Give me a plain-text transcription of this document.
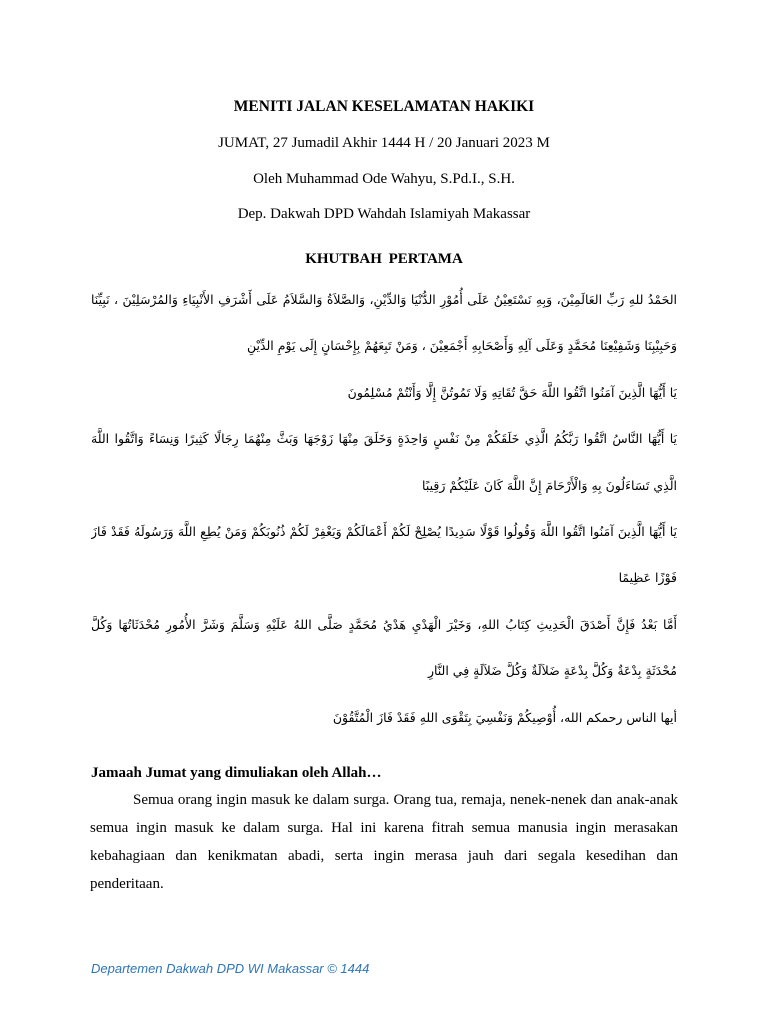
MENITI JALAN KESELAMATAN HAKIKI
JUMAT, 27 Jumadil Akhir 1444 H / 20 Januari 2023 M
Oleh Muhammad Ode Wahyu, S.Pd.I., S.H.
Dep. Dakwah DPD Wahdah Islamiyah Makassar
KHUTBAH PERTAMA
الحَمْدُ للهِ رَبِّ العَالَمِيْنَ، وَبِهِ نَسْتَعِيْنُ عَلَى أُمُوْرِ الدُّنْيَا وَالدِّيْنِ، وَالصَّلاَةُ وَالسَّلاَمُ عَلَى أَشْرَفِ الأَنْبِيَاءِ وَالمُرْسَلِيْنَ ، نَبِيِّنَا
وَحَبِيْبِنَا وَشَفِيْعِنَا مُحَمَّدٍ وَعَلَى آلِهِ وَأَصْحَابِهِ أَجْمَعِيْنَ ، وَمَنْ تَبِعَهُمْ بِإِحْسَانٍ إِلَى يَوْمِ الدِّيْنِ
يَا أَيُّهَا الَّذِينَ آمَنُوا اتَّقُوا اللَّهَ حَقَّ تُقَاتِهِ وَلَا تَمُوتُنَّ إِلَّا وَأَنْتُمْ مُسْلِمُونَ
يَا أَيُّهَا النَّاسُ اتَّقُوا رَبَّكُمُ الَّذِي خَلَقَكُمْ مِنْ نَفْسٍ وَاحِدَةٍ وَخَلَقَ مِنْهَا زَوْجَهَا وَبَثَّ مِنْهُمَا رِجَالًا كَثِيرًا وَنِسَاءً وَاتَّقُوا اللَّهَ
الَّذِي تَسَاءَلُونَ بِهِ وَالْأَرْحَامَ إِنَّ اللَّهَ كَانَ عَلَيْكُمْ رَقِيبًا
يَا أَيُّهَا الَّذِينَ آمَنُوا اتَّقُوا اللَّهَ وَقُولُوا قَوْلًا سَدِيدًا يُصْلِحْ لَكُمْ أَعْمَالَكُمْ وَيَغْفِرْ لَكُمْ ذُنُوبَكُمْ وَمَنْ يُطِعِ اللَّهَ وَرَسُولَهُ فَقَدْ فَازَ
فَوْزًا عَظِيمًا
أَمَّا بَعْدُ فَإِنَّ أَصْدَقَ الْحَدِيثِ كِتَابُ اللهِ، وَخَيْرَ الْهَدْيِ هَدْيُ مُحَمَّدٍ صَلَّى اللهُ عَلَيْهِ وَسَلَّمَ وَشَرَّ الأُمُورِ مُحْدَثَاتُهَا وَكُلَّ
مُحْدَثَةٍ بِدْعَةٌ وَكُلَّ بِدْعَةٍ ضَلاَلَةٌ وَكُلَّ ضَلاَلَةٍ فِي النَّارِ
أيها الناس رحمكم الله، أُوْصِيكُمْ وَنَفْسِيَ بِتَقْوَى اللهِ فَقَدْ فَازَ الْمُتَّقُوْنَ
Jamaah Jumat yang dimuliakan oleh Allah…

Semua orang ingin masuk ke dalam surga. Orang tua, remaja, nenek-nenek dan anak-anak semua ingin masuk ke dalam surga. Hal ini karena fitrah semua manusia ingin merasakan kebahagiaan dan kenikmatan abadi, serta ingin merasa jauh dari segala kesedihan dan penderitaan.

Departemen Dakwah DPD WI Makassar © 1444
